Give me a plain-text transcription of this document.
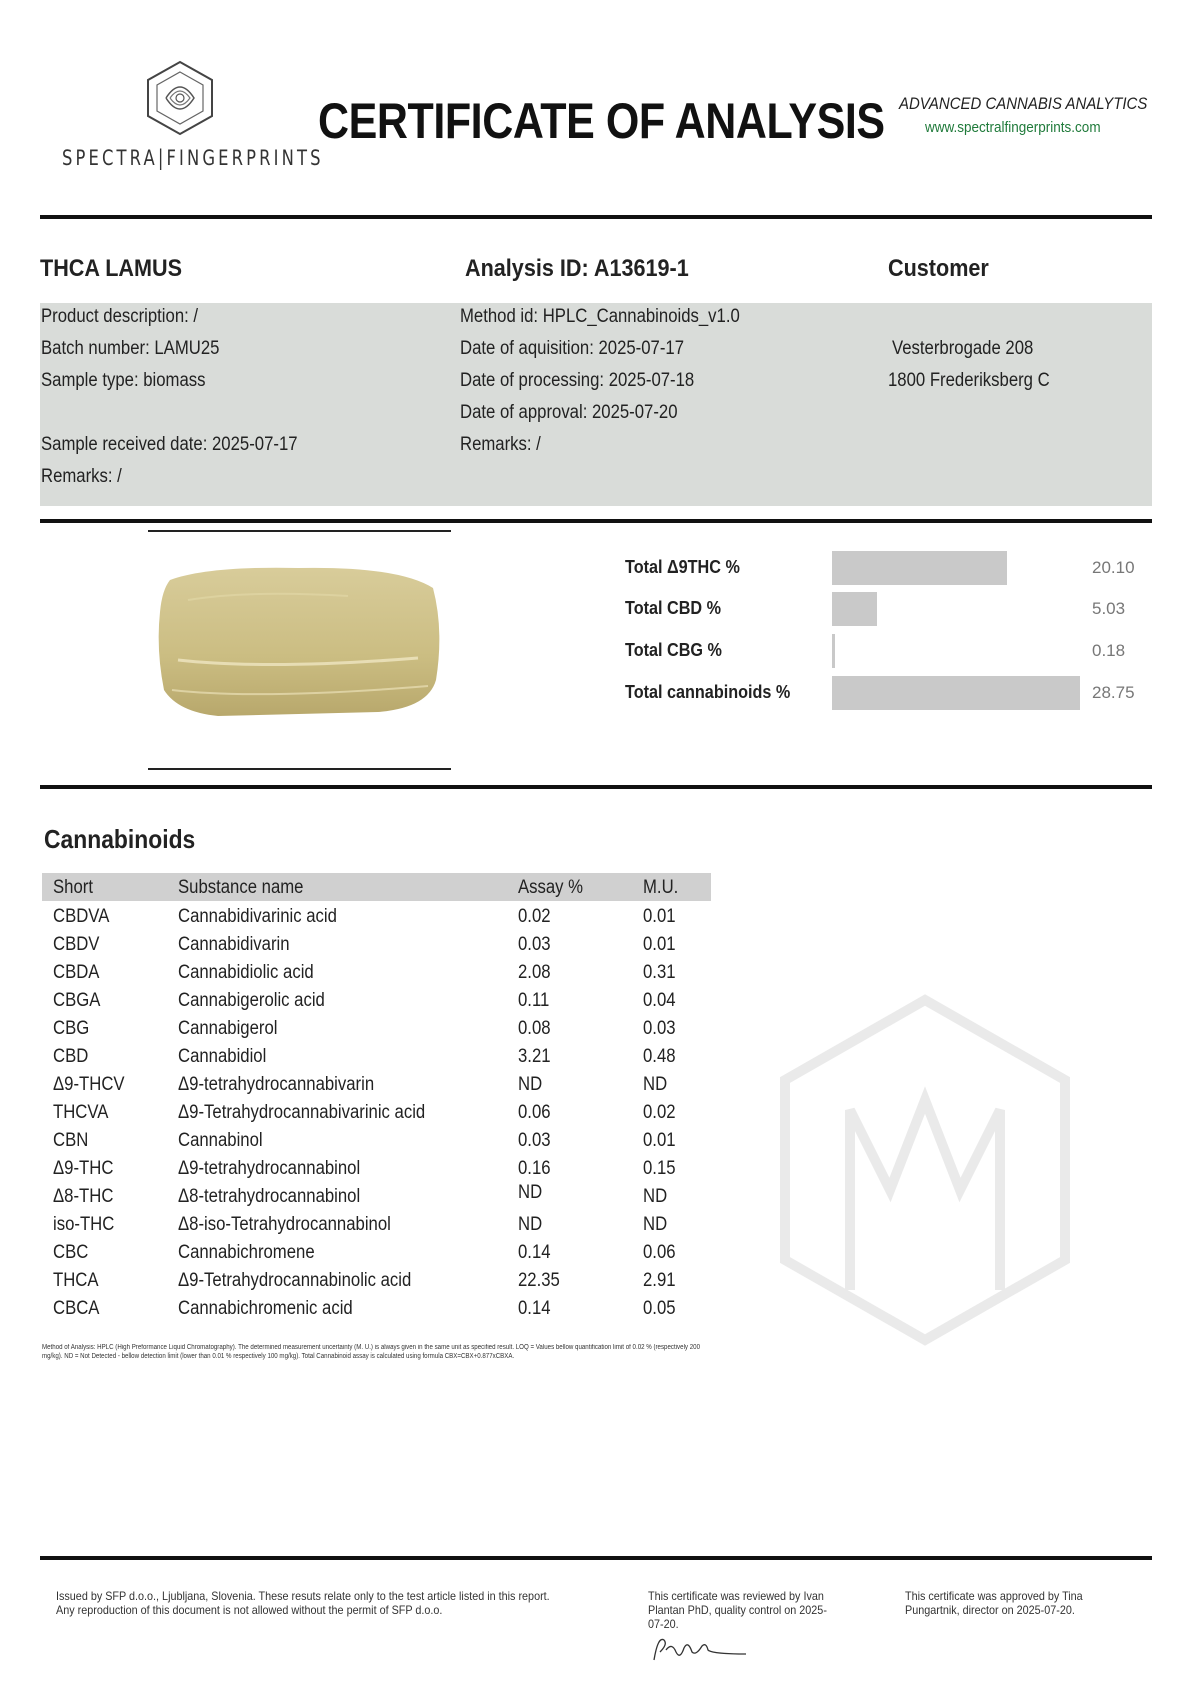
SPECTRA|FINGERPRINTS
CERTIFICATE OF ANALYSIS ADVANCED CANNABIS ANALYTICS
www.spectralfingerprints.com
THCA LAMUS	Analysis ID: A13619-1	Customer
Product description: /
Batch number: LAMU25
Sample type: biomass
Sample received date: 2025-07-17
Remarks: /
Method id: HPLC_Cannabinoids_v1.0
Date of aquisition: 2025-07-17
Date of processing: 2025-07-18
Date of approval: 2025-07-20
Remarks: /
Vesterbrogade 208
1800 Frederiksberg C
Total Δ9THC %	20.10
Total CBD %	5.03
Total CBG %	0.18
Total cannabinoids %	28.75
Cannabinoids
Short	Substance name	Assay %	M.U.
CBDVA	Cannabidivarinic acid	0.02	0.01
CBDV	Cannabidivarin	0.03	0.01
CBDA	Cannabidiolic acid	2.08	0.31
CBGA	Cannabigerolic acid	0.11	0.04
CBG	Cannabigerol	0.08	0.03
CBD	Cannabidiol	3.21	0.48
Δ9-THCV	Δ9-tetrahydrocannabivarin	ND	ND
THCVA	Δ9-Tetrahydrocannabivarinic acid	0.06	0.02
CBN	Cannabinol	0.03	0.01
Δ9-THC	Δ9-tetrahydrocannabinol	0.16	0.15
Δ8-THC	Δ8-tetrahydrocannabinol	ND	ND
iso-THC	Δ8-iso-Tetrahydrocannabinol	ND	ND
CBC	Cannabichromene	0.14	0.06
THCA	Δ9-Tetrahydrocannabinolic acid	22.35	2.91
CBCA	Cannabichromenic acid	0.14	0.05
Method of Analysis: HPLC (High Preformance Liquid Chromatography). The determined measurement uncertainty (M. U.) is always given in the same unit as specified result. LOQ = Values bellow quantification limit of 0.02 % (respectively 200 mg/kg). ND = Not Detected - bellow detection limit (lower than 0.01 % respectively 100 mg/kg). Total Cannabinoid assay is calculated using formula CBX=CBX+0.877xCBXA.
Issued by SFP d.o.o., Ljubljana, Slovenia. These resuts relate only to the test article listed in this report. Any reproduction of this document is not allowed without the permit of SFP d.o.o.
This certificate was reviewed by Ivan Plantan PhD, quality control on 2025-07-20.
This certificate was approved by Tina Pungartnik, director on 2025-07-20.
